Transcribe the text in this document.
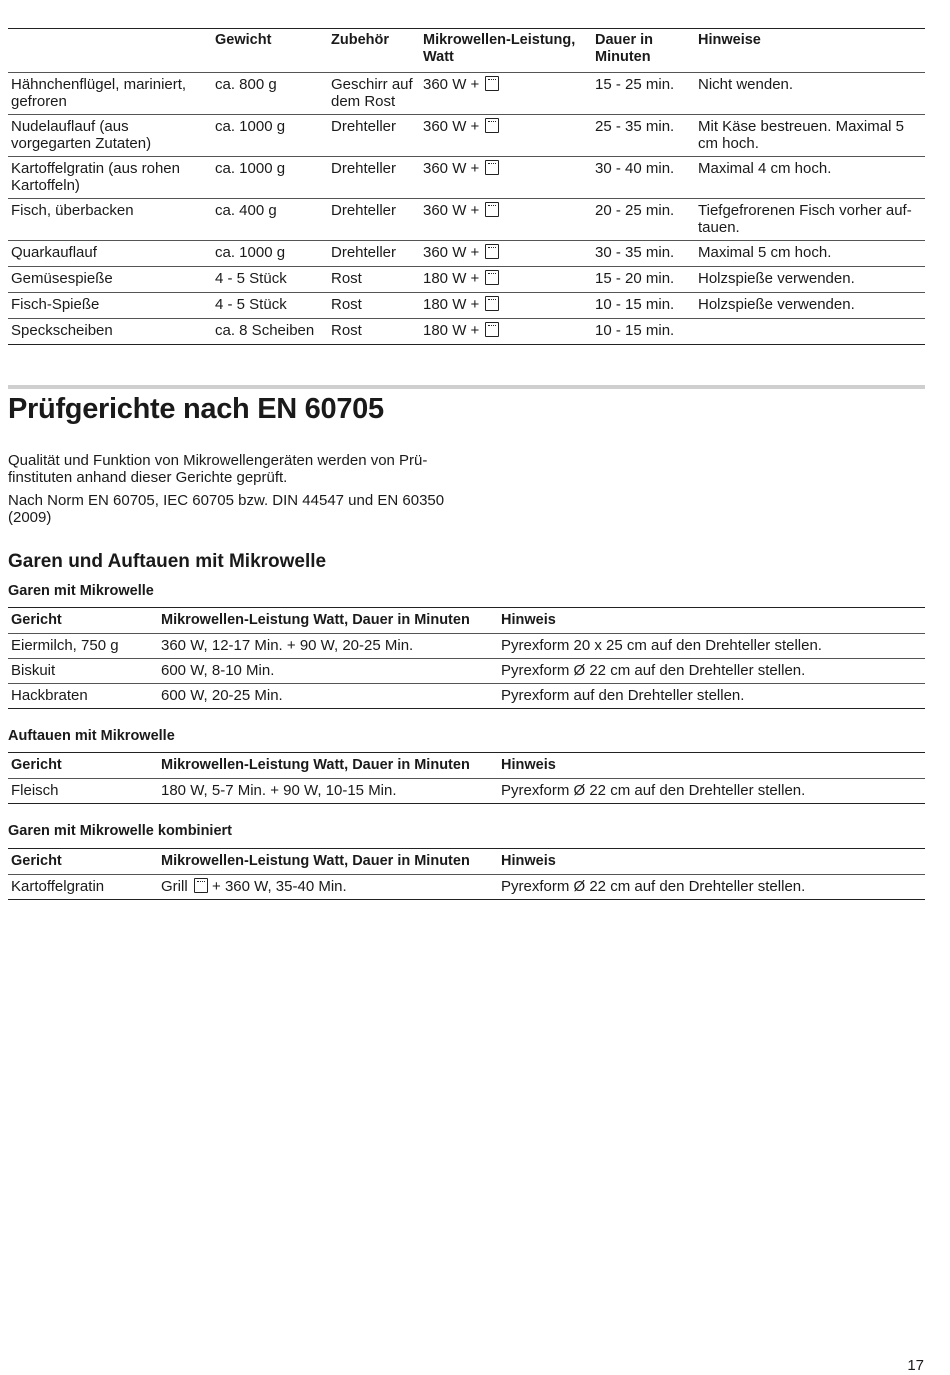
	Gewicht	Zubehör	Mikrowellen-Leistung, Watt	Dauer in Minuten	Hinweise
Hähnchenflügel, mariniert, gefroren	ca. 800 g	Geschirr auf dem Rost	360 W +	15 - 25 min.	Nicht wenden.
Nudelauflauf (aus vorgegarten Zutaten)	ca. 1000 g	Drehteller	360 W +	25 - 35 min.	Mit Käse bestreuen. Maximal 5 cm hoch.
Kartoffelgratin (aus rohen Kartoffeln)	ca. 1000 g	Drehteller	360 W +	30 - 40 min.	Maximal 4 cm hoch.
Fisch, überbacken	ca. 400 g	Drehteller	360 W +	20 - 25 min.	Tiefgefrorenen Fisch vorher auftauen.
Quarkauflauf	ca. 1000 g	Drehteller	360 W +	30 - 35 min.	Maximal 5 cm hoch.
Gemüsespieße	4 - 5 Stück	Rost	180 W +	15 - 20 min.	Holzspieße verwenden.
Fisch-Spieße	4 - 5 Stück	Rost	180 W +	10 - 15 min.	Holzspieße verwenden.
Speckscheiben	ca. 8 Scheiben	Rost	180 W +	10 - 15 min.	
Prüfgerichte nach EN 60705

Qualität und Funktion von Mikrowellengeräten werden von Prüfinstituten anhand dieser Gerichte geprüft.

Nach Norm EN 60705, IEC 60705 bzw. DIN 44547 und EN 60350 (2009)

Garen und Auftauen mit Mikrowelle
Garen mit Mikrowelle
Gericht	Mikrowellen-Leistung Watt, Dauer in Minuten	Hinweis
Eiermilch, 750 g	360 W, 12-17 Min. + 90 W, 20-25 Min.	Pyrexform 20 x 25 cm auf den Drehteller stellen.
Biskuit	600 W, 8-10 Min.	Pyrexform Ø 22 cm auf den Drehteller stellen.
Hackbraten	600 W, 20-25 Min.	Pyrexform auf den Drehteller stellen.
Auftauen mit Mikrowelle
Gericht	Mikrowellen-Leistung Watt, Dauer in Minuten	Hinweis
Fleisch	180 W, 5-7 Min. + 90 W, 10-15 Min.	Pyrexform Ø 22 cm auf den Drehteller stellen.
Garen mit Mikrowelle kombiniert
Gericht	Mikrowellen-Leistung Watt, Dauer in Minuten	Hinweis
Kartoffelgratin	Grill + 360 W, 35-40 Min.	Pyrexform Ø 22 cm auf den Drehteller stellen.
17
